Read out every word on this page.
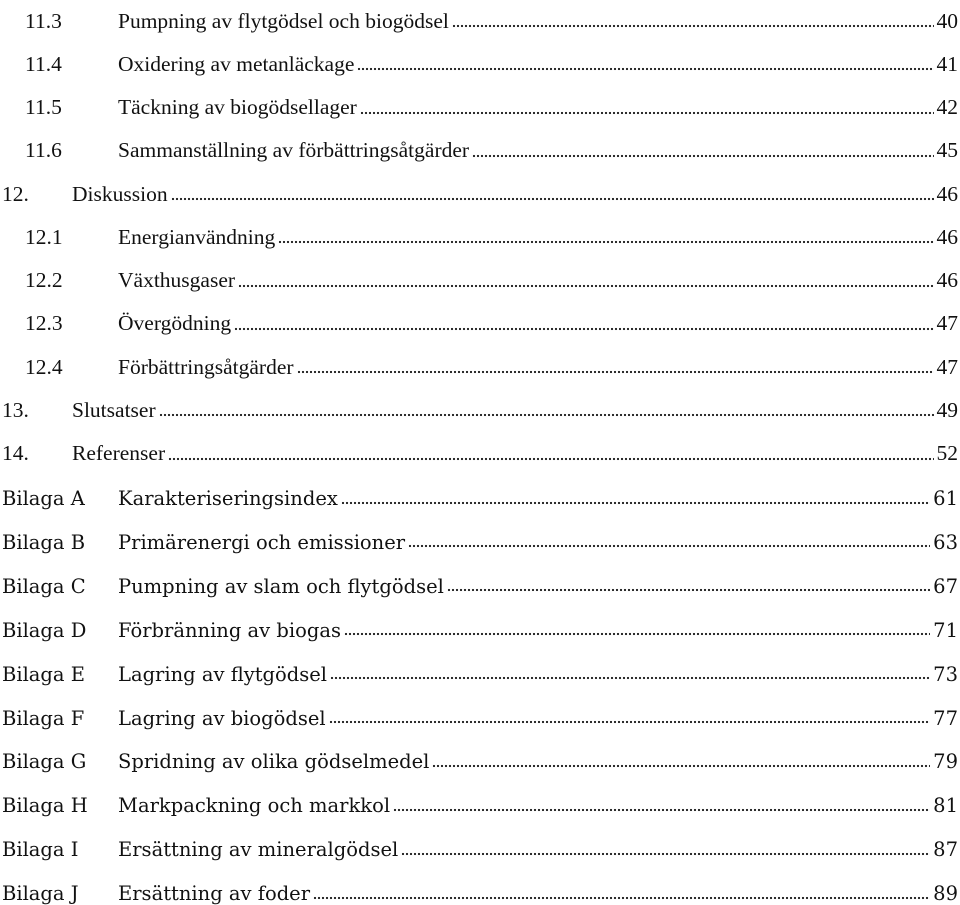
11.3	Pumpning av flytgödsel och biogödsel	40
11.4	Oxidering av metanläckage	41
11.5	Täckning av biogödsellager	42
11.6	Sammanställning av förbättringsåtgärder	45
12.	Diskussion	46
12.1	Energianvändning	46
12.2	Växthusgaser	46
12.3	Övergödning	47
12.4	Förbättringsåtgärder	47
13.	Slutsatser	49
14.	Referenser	52
Bilaga A	Karakteriseringsindex	61
Bilaga B	Primärenergi och emissioner	63
Bilaga C	Pumpning av slam och flytgödsel	67
Bilaga D	Förbränning av biogas	71
Bilaga E	Lagring av flytgödsel	73
Bilaga F	Lagring av biogödsel	77
Bilaga G	Spridning av olika gödselmedel	79
Bilaga H	Markpackning och markkol	81
Bilaga I	Ersättning av mineralgödsel	87
Bilaga J	Ersättning av foder	89
